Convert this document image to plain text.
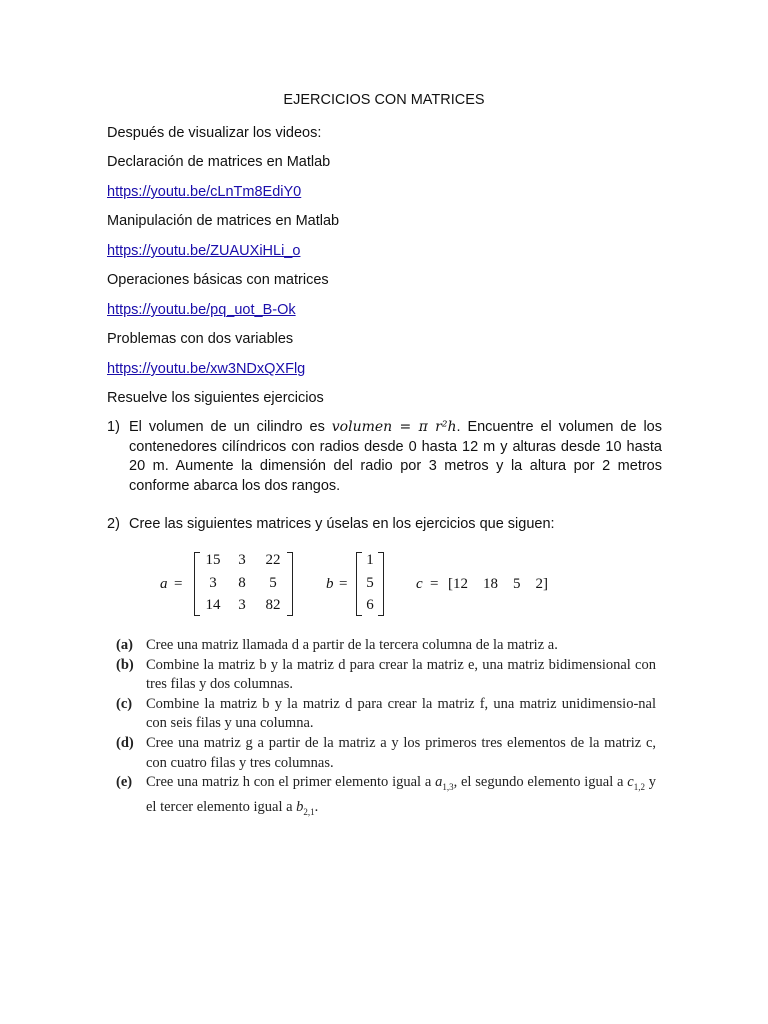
EJERCICIOS CON MATRICES
Después de visualizar los videos:
Declaración de matrices en Matlab
https://youtu.be/cLnTm8EdiY0
Manipulación de matrices en Matlab
https://youtu.be/ZUAUXiHLi_o
Operaciones básicas con matrices
https://youtu.be/pq_uot_B-Ok
Problemas con dos variables
https://youtu.be/xw3NDxQXFlg
Resuelve los siguientes ejercicios
1) El volumen de un cilindro es volumen = π r²h. Encuentre el volumen de los contenedores cilíndricos con radios desde 0 hasta 12 m y alturas desde 10 hasta 20 m. Aumente la dimensión del radio por 3 metros y la altura por 2 metros conforme abarca los dos rangos.
2) Cree las siguientes matrices y úselas en los ejercicios que siguen:
a =
15	3	22
3	8	5
14	3	82
b =
1
5
6
c = [12    18    5    2]
(a) Cree una matriz llamada d a partir de la tercera columna de la matriz a.
(b) Combine la matriz b y la matriz d para crear la matriz e, una matriz bidimensional con tres filas y dos columnas.
(c) Combine la matriz b y la matriz d para crear la matriz f, una matriz unidimensio-nal con seis filas y una columna.
(d) Cree una matriz g a partir de la matriz a y los primeros tres elementos de la matriz c, con cuatro filas y tres columnas.
(e) Cree una matriz h con el primer elemento igual a $a_{1,3}$, el segundo elemento igual a $c_{1,2}$ y el tercer elemento igual a $b_{2,1}$.
